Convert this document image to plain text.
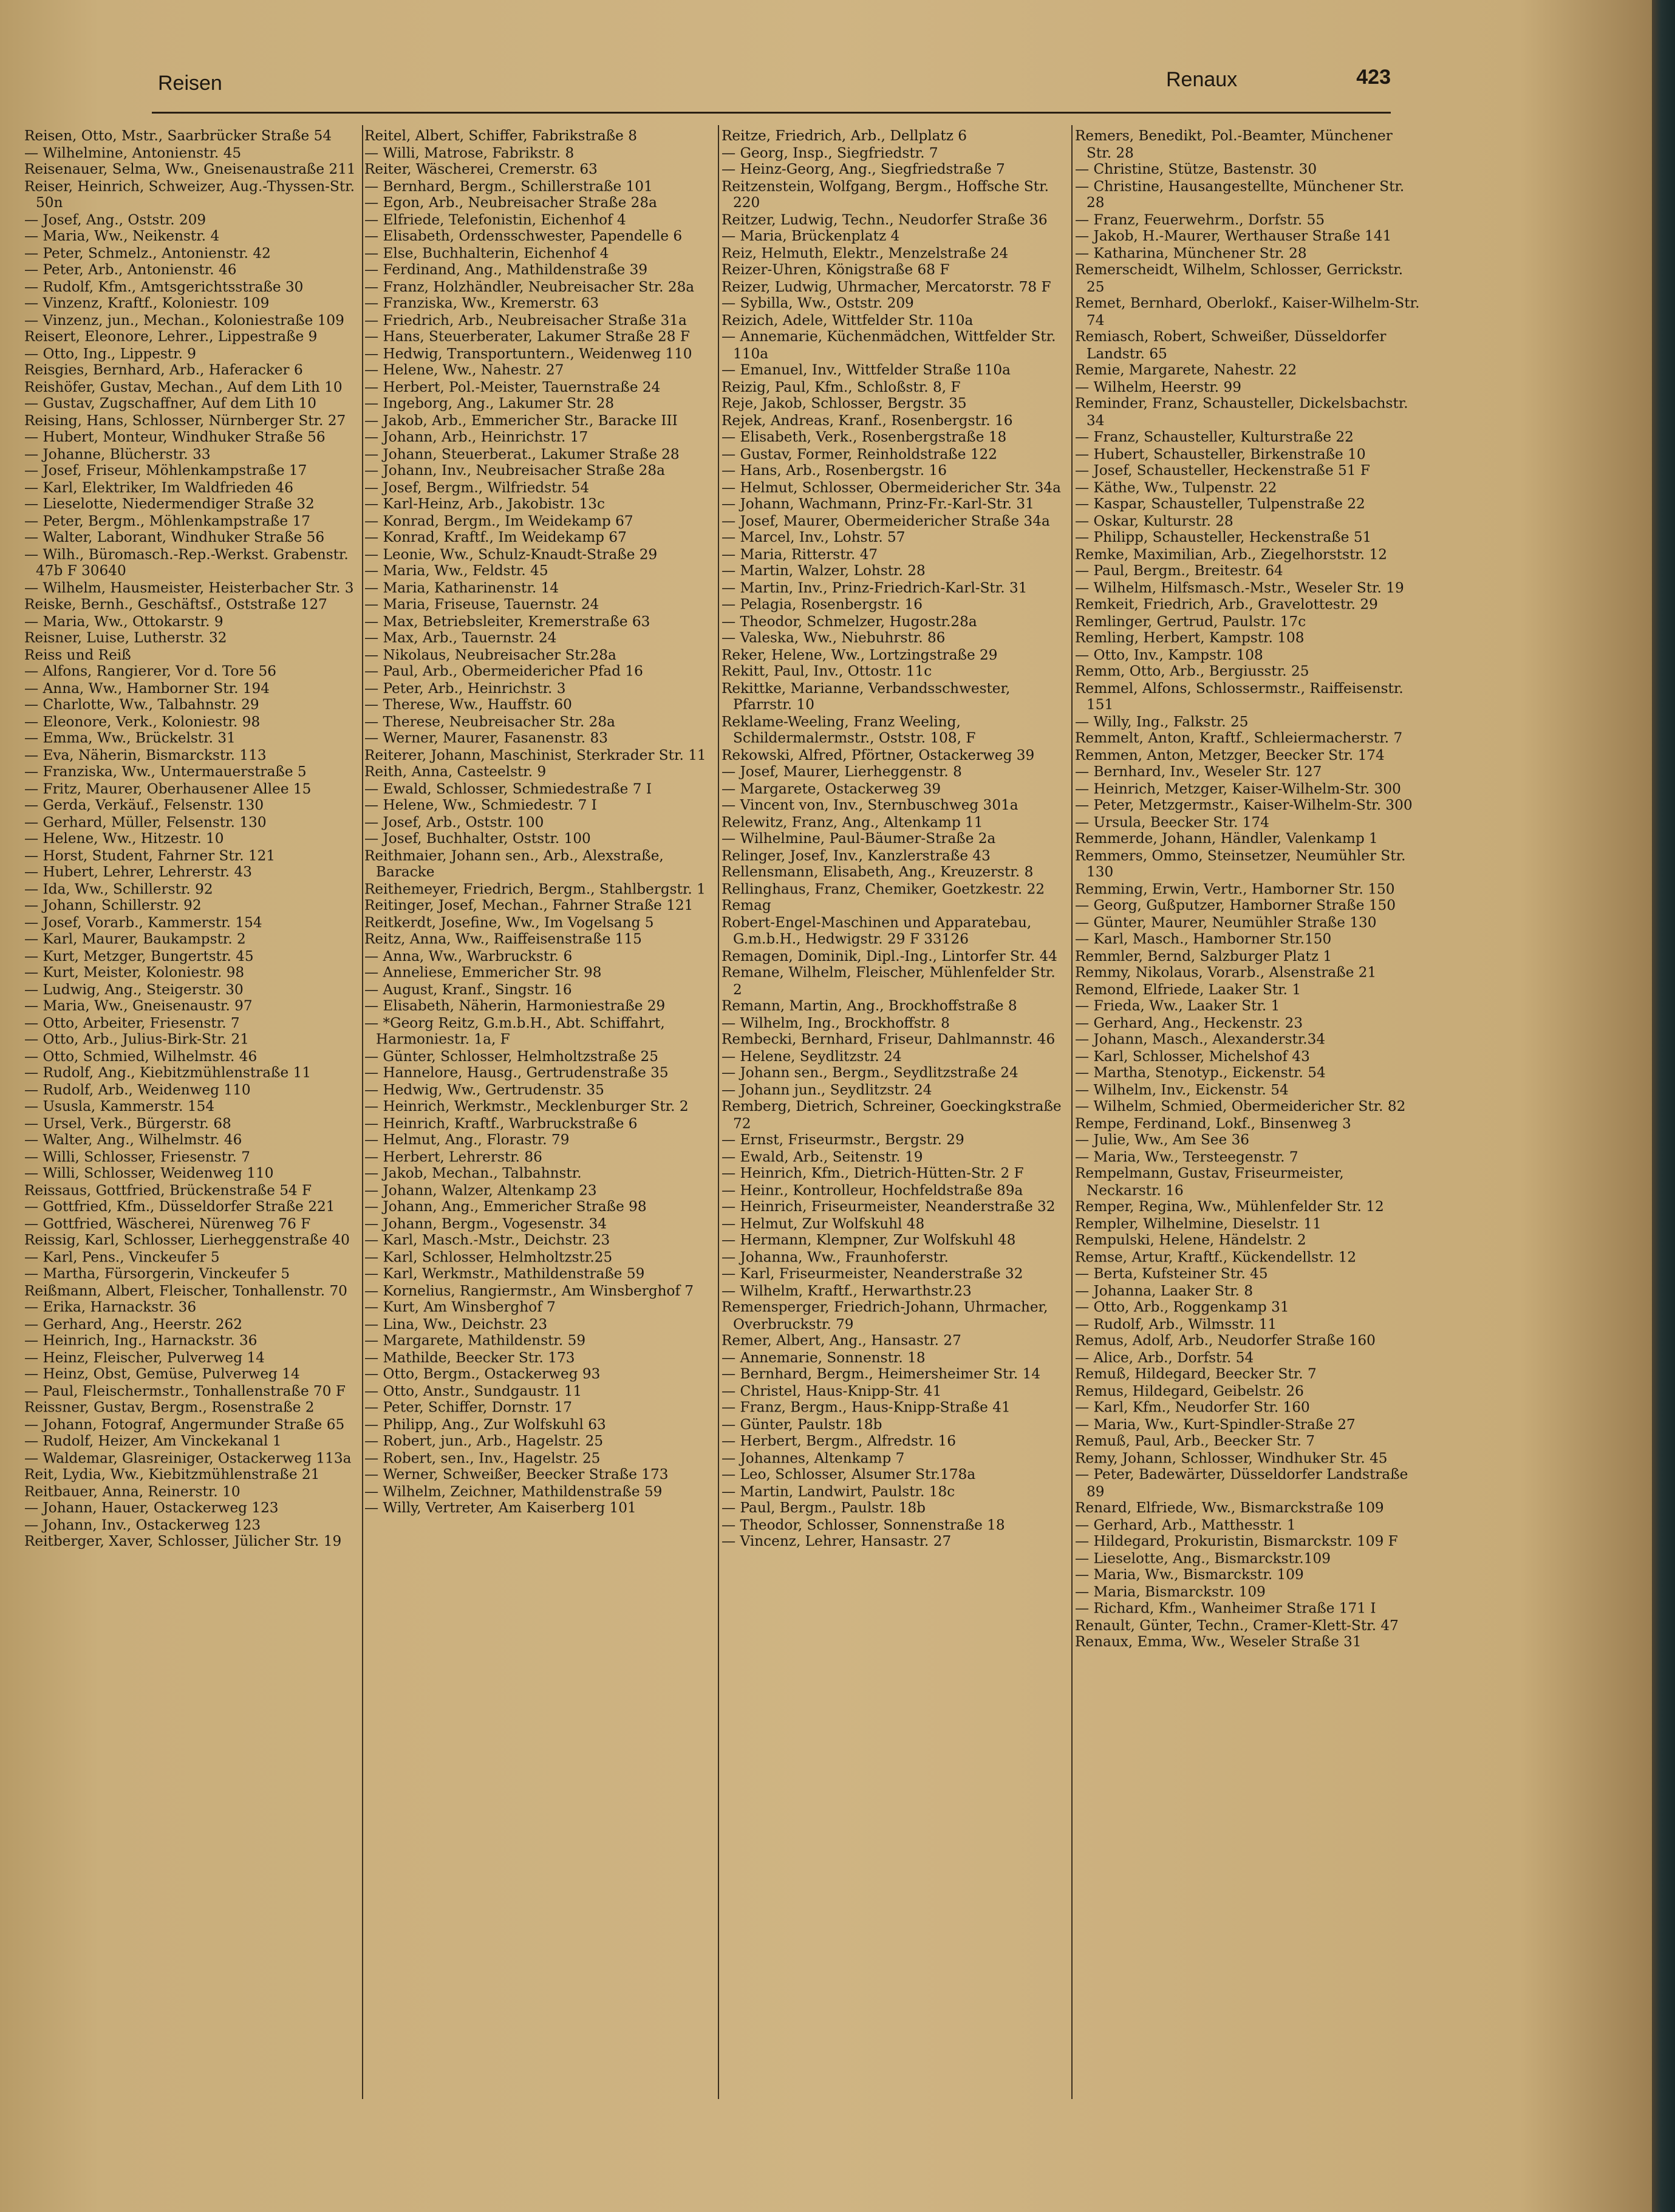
Reisen	Renaux	423

Reisen, Otto, Mstr., Saarbrücker Straße 54

— Wilhelmine, Antonienstr. 45

Reisenauer, Selma, Ww., Gneisenaustraße 211

Reiser, Heinrich, Schweizer, Aug.-Thyssen-Str. 50n

— Josef, Ang., Oststr. 209

— Maria, Ww., Neikenstr. 4

— Peter, Schmelz., Antonienstr. 42

— Peter, Arb., Antonienstr. 46

— Rudolf, Kfm., Amtsgerichtsstraße 30

— Vinzenz, Kraftf., Koloniestr. 109

— Vinzenz, jun., Mechan., Koloniestraße 109

Reisert, Eleonore, Lehrer., Lippestraße 9

— Otto, Ing., Lippestr. 9

Reisgies, Bernhard, Arb., Haferacker 6

Reishöfer, Gustav, Mechan., Auf dem Lith 10

— Gustav, Zugschaffner, Auf dem Lith 10

Reising, Hans, Schlosser, Nürnberger Str. 27

— Hubert, Monteur, Windhuker Straße 56

— Johanne, Blücherstr. 33

— Josef, Friseur, Möhlenkampstraße 17

— Karl, Elektriker, Im Waldfrieden 46

— Lieselotte, Niedermendiger Straße 32

— Peter, Bergm., Möhlenkampstraße 17

— Walter, Laborant, Windhuker Straße 56

— Wilh., Büromasch.-Rep.-Werkst. Grabenstr. 47b F 30640

— Wilhelm, Hausmeister, Heisterbacher Str. 3

Reiske, Bernh., Geschäftsf., Oststraße 127

— Maria, Ww., Ottokarstr. 9

Reisner, Luise, Lutherstr. 32

Reiss und Reiß

— Alfons, Rangierer, Vor d. Tore 56

— Anna, Ww., Hamborner Str. 194

— Charlotte, Ww., Talbahnstr. 29

— Eleonore, Verk., Koloniestr. 98

— Emma, Ww., Brückelstr. 31

— Eva, Näherin, Bismarckstr. 113

— Franziska, Ww., Untermauerstraße 5

— Fritz, Maurer, Oberhausener Allee 15

— Gerda, Verkäuf., Felsenstr. 130

— Gerhard, Müller, Felsenstr. 130

— Helene, Ww., Hitzestr. 10

— Horst, Student, Fahrner Str. 121

— Hubert, Lehrer, Lehrerstr. 43

— Ida, Ww., Schillerstr. 92

— Johann, Schillerstr. 92

— Josef, Vorarb., Kammerstr. 154

— Karl, Maurer, Baukampstr. 2

— Kurt, Metzger, Bungertstr. 45

— Kurt, Meister, Koloniestr. 98

— Ludwig, Ang., Steigerstr. 30

— Maria, Ww., Gneisenaustr. 97

— Otto, Arbeiter, Friesenstr. 7

— Otto, Arb., Julius-Birk-Str. 21

— Otto, Schmied, Wilhelmstr. 46

— Rudolf, Ang., Kiebitzmühlenstraße 11

— Rudolf, Arb., Weidenweg 110

— Ususla, Kammerstr. 154

— Ursel, Verk., Bürgerstr. 68

— Walter, Ang., Wilhelmstr. 46

— Willi, Schlosser, Friesenstr. 7

— Willi, Schlosser, Weidenweg 110

Reissaus, Gottfried, Brückenstraße 54 F

— Gottfried, Kfm., Düsseldorfer Straße 221

— Gottfried, Wäscherei, Nürenweg 76 F

Reissig, Karl, Schlosser, Lierheggenstraße 40

— Karl, Pens., Vinckeufer 5

— Martha, Fürsorgerin, Vinckeufer 5

Reißmann, Albert, Fleischer, Tonhallenstr. 70

— Erika, Harnackstr. 36

— Gerhard, Ang., Heerstr. 262

— Heinrich, Ing., Harnackstr. 36

— Heinz, Fleischer, Pulverweg 14

— Heinz, Obst, Gemüse, Pulverweg 14

— Paul, Fleischermstr., Tonhallenstraße 70 F

Reissner, Gustav, Bergm., Rosenstraße 2

— Johann, Fotograf, Angermunder Straße 65

— Rudolf, Heizer, Am Vinckekanal 1

— Waldemar, Glasreiniger, Ostackerweg 113a

Reit, Lydia, Ww., Kiebitzmühlenstraße 21

Reitbauer, Anna, Reinerstr. 10

— Johann, Hauer, Ostackerweg 123

— Johann, Inv., Ostackerweg 123

Reitberger, Xaver, Schlosser, Jülicher Str. 19

Reitel, Albert, Schiffer, Fabrikstraße 8

— Willi, Matrose, Fabrikstr. 8

Reiter, Wäscherei, Cremerstr. 63

— Bernhard, Bergm., Schillerstraße 101

— Egon, Arb., Neubreisacher Straße 28a

— Elfriede, Telefonistin, Eichenhof 4

— Elisabeth, Ordensschwester, Papendelle 6

— Else, Buchhalterin, Eichenhof 4

— Ferdinand, Ang., Mathildenstraße 39

— Franz, Holzhändler, Neubreisacher Str. 28a

— Franziska, Ww., Kremerstr. 63

— Friedrich, Arb., Neubreisacher Straße 31a

— Hans, Steuerberater, Lakumer Straße 28 F

— Hedwig, Transportuntern., Weidenweg 110

— Helene, Ww., Nahestr. 27

— Herbert, Pol.-Meister, Tauernstraße 24

— Ingeborg, Ang., Lakumer Str. 28

— Jakob, Arb., Emmericher Str., Baracke III

— Johann, Arb., Heinrichstr. 17

— Johann, Steuerberat., Lakumer Straße 28

— Johann, Inv., Neubreisacher Straße 28a

— Josef, Bergm., Wilfriedstr. 54

— Karl-Heinz, Arb., Jakobistr. 13c

— Konrad, Bergm., Im Weidekamp 67

— Konrad, Kraftf., Im Weidekamp 67

— Leonie, Ww., Schulz-Knaudt-Straße 29

— Maria, Ww., Feldstr. 45

— Maria, Katharinenstr. 14

— Maria, Friseuse, Tauernstr. 24

— Max, Betriebsleiter, Kremerstraße 63

— Max, Arb., Tauernstr. 24

— Nikolaus, Neubreisacher Str.28a

— Paul, Arb., Obermeidericher Pfad 16

— Peter, Arb., Heinrichstr. 3

— Therese, Ww., Hauffstr. 60

— Therese, Neubreisacher Str. 28a

— Werner, Maurer, Fasanenstr. 83

Reiterer, Johann, Maschinist, Sterkrader Str. 11

Reith, Anna, Casteelstr. 9

— Ewald, Schlosser, Schmiedestraße 7 I

— Helene, Ww., Schmiedestr. 7 I

— Josef, Arb., Oststr. 100

— Josef, Buchhalter, Oststr. 100

Reithmaier, Johann sen., Arb., Alexstraße, Baracke

Reithemeyer, Friedrich, Bergm., Stahlbergstr. 1

Reitinger, Josef, Mechan., Fahrner Straße 121

Reitkerdt, Josefine, Ww., Im Vogelsang 5

Reitz, Anna, Ww., Raiffeisenstraße 115

— Anna, Ww., Warbruckstr. 6

— Anneliese, Emmericher Str. 98

— August, Kranf., Singstr. 16

— Elisabeth, Näherin, Harmoniestraße 29

— *Georg Reitz, G.m.b.H., Abt. Schiffahrt, Harmoniestr. 1a, F

— Günter, Schlosser, Helmholtzstraße 25

— Hannelore, Hausg., Gertrudenstraße 35

— Hedwig, Ww., Gertrudenstr. 35

— Heinrich, Werkmstr., Mecklenburger Str. 2

— Heinrich, Kraftf., Warbruckstraße 6

— Helmut, Ang., Florastr. 79

— Herbert, Lehrerstr. 86

— Jakob, Mechan., Talbahnstr.

— Johann, Walzer, Altenkamp 23

— Johann, Ang., Emmericher Straße 98

— Johann, Bergm., Vogesenstr. 34

— Karl, Masch.-Mstr., Deichstr. 23

— Karl, Schlosser, Helmholtzstr.25

— Karl, Werkmstr., Mathildenstraße 59

— Kornelius, Rangiermstr., Am Winsberghof 7

— Kurt, Am Winsberghof 7

— Lina, Ww., Deichstr. 23

— Margarete, Mathildenstr. 59

— Mathilde, Beecker Str. 173

— Otto, Bergm., Ostackerweg 93

— Otto, Anstr., Sundgaustr. 11

— Peter, Schiffer, Dornstr. 17

— Philipp, Ang., Zur Wolfskuhl 63

— Robert, jun., Arb., Hagelstr. 25

— Robert, sen., Inv., Hagelstr. 25

— Werner, Schweißer, Beecker Straße 173

— Wilhelm, Zeichner, Mathildenstraße 59

— Willy, Vertreter, Am Kaiserberg 101

Reitze, Friedrich, Arb., Dellplatz 6

— Georg, Insp., Siegfriedstr. 7

— Heinz-Georg, Ang., Siegfriedstraße 7

Reitzenstein, Wolfgang, Bergm., Hoffsche Str. 220

Reitzer, Ludwig, Techn., Neudorfer Straße 36

— Maria, Brückenplatz 4

Reiz, Helmuth, Elektr., Menzelstraße 24

Reizer-Uhren, Königstraße 68 F

Reizer, Ludwig, Uhrmacher, Mercatorstr. 78 F

— Sybilla, Ww., Oststr. 209

Reizich, Adele, Wittfelder Str. 110a

— Annemarie, Küchenmädchen, Wittfelder Str. 110a

— Emanuel, Inv., Wittfelder Straße 110a

Reizig, Paul, Kfm., Schloßstr. 8, F

Reje, Jakob, Schlosser, Bergstr. 35

Rejek, Andreas, Kranf., Rosenbergstr. 16

— Elisabeth, Verk., Rosenbergstraße 18

— Gustav, Former, Reinholdstraße 122

— Hans, Arb., Rosenbergstr. 16

— Helmut, Schlosser, Obermeidericher Str. 34a

— Johann, Wachmann, Prinz-Fr.-Karl-Str. 31

— Josef, Maurer, Obermeidericher Straße 34a

— Marcel, Inv., Lohstr. 57

— Maria, Ritterstr. 47

— Martin, Walzer, Lohstr. 28

— Martin, Inv., Prinz-Friedrich-Karl-Str. 31

— Pelagia, Rosenbergstr. 16

— Theodor, Schmelzer, Hugostr.28a

— Valeska, Ww., Niebuhrstr. 86

Reker, Helene, Ww., Lortzingstraße 29

Rekitt, Paul, Inv., Ottostr. 11c

Rekittke, Marianne, Verbandsschwester, Pfarrstr. 10

Reklame-Weeling, Franz Weeling, Schildermalermstr., Oststr. 108, F

Rekowski, Alfred, Pförtner, Ostackerweg 39

— Josef, Maurer, Lierheggenstr. 8

— Margarete, Ostackerweg 39

— Vincent von, Inv., Sternbuschweg 301a

Relewitz, Franz, Ang., Altenkamp 11

— Wilhelmine, Paul-Bäumer-Straße 2a

Relinger, Josef, Inv., Kanzlerstraße 43

Rellensmann, Elisabeth, Ang., Kreuzerstr. 8

Rellinghaus, Franz, Chemiker, Goetzkestr. 22

Remag

Robert-Engel-Maschinen und Apparatebau, G.m.b.H., Hedwigstr. 29 F 33126

Remagen, Dominik, Dipl.-Ing., Lintorfer Str. 44

Remane, Wilhelm, Fleischer, Mühlenfelder Str. 2

Remann, Martin, Ang., Brockhoffstraße 8

— Wilhelm, Ing., Brockhoffstr. 8

Rembecki, Bernhard, Friseur, Dahlmannstr. 46

— Helene, Seydlitzstr. 24

— Johann sen., Bergm., Seydlitzstraße 24

— Johann jun., Seydlitzstr. 24

Remberg, Dietrich, Schreiner, Goeckingkstraße 72

— Ernst, Friseurmstr., Bergstr. 29

— Ewald, Arb., Seitenstr. 19

— Heinrich, Kfm., Dietrich-Hütten-Str. 2 F

— Heinr., Kontrolleur, Hochfeldstraße 89a

— Heinrich, Friseurmeister, Neanderstraße 32

— Helmut, Zur Wolfskuhl 48

— Hermann, Klempner, Zur Wolfskuhl 48

— Johanna, Ww., Fraunhoferstr.

— Karl, Friseurmeister, Neanderstraße 32

— Wilhelm, Kraftf., Herwarthstr.23

Remensperger, Friedrich-Johann, Uhrmacher, Overbruckstr. 79

Remer, Albert, Ang., Hansastr. 27

— Annemarie, Sonnenstr. 18

— Bernhard, Bergm., Heimersheimer Str. 14

— Christel, Haus-Knipp-Str. 41

— Franz, Bergm., Haus-Knipp-Straße 41

— Günter, Paulstr. 18b

— Herbert, Bergm., Alfredstr. 16

— Johannes, Altenkamp 7

— Leo, Schlosser, Alsumer Str.178a

— Martin, Landwirt, Paulstr. 18c

— Paul, Bergm., Paulstr. 18b

— Theodor, Schlosser, Sonnenstraße 18

— Vincenz, Lehrer, Hansastr. 27

Remers, Benedikt, Pol.-Beamter, Münchener Str. 28

— Christine, Stütze, Bastenstr. 30

— Christine, Hausangestellte, Münchener Str. 28

— Franz, Feuerwehrm., Dorfstr. 55

— Jakob, H.-Maurer, Werthauser Straße 141

— Katharina, Münchener Str. 28

Remerscheidt, Wilhelm, Schlosser, Gerrickstr. 25

Remet, Bernhard, Oberlokf., Kaiser-Wilhelm-Str. 74

Remiasch, Robert, Schweißer, Düsseldorfer Landstr. 65

Remie, Margarete, Nahestr. 22

— Wilhelm, Heerstr. 99

Reminder, Franz, Schausteller, Dickelsbachstr. 34

— Franz, Schausteller, Kulturstraße 22

— Hubert, Schausteller, Birkenstraße 10

— Josef, Schausteller, Heckenstraße 51 F

— Käthe, Ww., Tulpenstr. 22

— Kaspar, Schausteller, Tulpenstraße 22

— Oskar, Kulturstr. 28

— Philipp, Schausteller, Heckenstraße 51

Remke, Maximilian, Arb., Ziegelhorststr. 12

— Paul, Bergm., Breitestr. 64

— Wilhelm, Hilfsmasch.-Mstr., Weseler Str. 19

Remkeit, Friedrich, Arb., Gravelottestr. 29

Remlinger, Gertrud, Paulstr. 17c

Remling, Herbert, Kampstr. 108

— Otto, Inv., Kampstr. 108

Remm, Otto, Arb., Bergiusstr. 25

Remmel, Alfons, Schlossermstr., Raiffeisenstr. 151

— Willy, Ing., Falkstr. 25

Remmelt, Anton, Kraftf., Schleiermacherstr. 7

Remmen, Anton, Metzger, Beecker Str. 174

— Bernhard, Inv., Weseler Str. 127

— Heinrich, Metzger, Kaiser-Wilhelm-Str. 300

— Peter, Metzgermstr., Kaiser-Wilhelm-Str. 300

— Ursula, Beecker Str. 174

Remmerde, Johann, Händler, Valenkamp 1

Remmers, Ommo, Steinsetzer, Neumühler Str. 130

Remming, Erwin, Vertr., Hamborner Str. 150

— Georg, Gußputzer, Hamborner Straße 150

— Günter, Maurer, Neumühler Straße 130

— Karl, Masch., Hamborner Str.150

Remmler, Bernd, Salzburger Platz 1

Remmy, Nikolaus, Vorarb., Alsenstraße 21

Remond, Elfriede, Laaker Str. 1

— Frieda, Ww., Laaker Str. 1

— Gerhard, Ang., Heckenstr. 23

— Johann, Masch., Alexanderstr.34

— Karl, Schlosser, Michelshof 43

— Martha, Stenotyp., Eickenstr. 54

— Wilhelm, Inv., Eickenstr. 54

— Wilhelm, Schmied, Obermeidericher Str. 82

Rempe, Ferdinand, Lokf., Binsenweg 3

— Julie, Ww., Am See 36

— Maria, Ww., Tersteegenstr. 7

Rempelmann, Gustav, Friseurmeister, Neckarstr. 16

Remper, Regina, Ww., Mühlenfelder Str. 12

Rempler, Wilhelmine, Dieselstr. 11

Rempulski, Helene, Händelstr. 2

Remse, Artur, Kraftf., Kückendellstr. 12

— Berta, Kufsteiner Str. 45

— Johanna, Laaker Str. 8

— Otto, Arb., Roggenkamp 31

— Rudolf, Arb., Wilmsstr. 11

Remus, Adolf, Arb., Neudorfer Straße 160

— Alice, Arb., Dorfstr. 54

Remuß, Hildegard, Beecker Str. 7

Remus, Hildegard, Geibelstr. 26

— Karl, Kfm., Neudorfer Str. 160

— Maria, Ww., Kurt-Spindler-Straße 27

Remuß, Paul, Arb., Beecker Str. 7

Remy, Johann, Schlosser, Windhuker Str. 45

— Peter, Badewärter, Düsseldorfer Landstraße 89

Renard, Elfriede, Ww., Bismarckstraße 109

— Gerhard, Arb., Matthesstr. 1

— Hildegard, Prokuristin, Bismarckstr. 109 F

— Lieselotte, Ang., Bismarckstr.109

— Maria, Ww., Bismarckstr. 109

— Maria, Bismarckstr. 109

— Richard, Kfm., Wanheimer Straße 171 I

Renault, Günter, Techn., Cramer-Klett-Str. 47

Renaux, Emma, Ww., Weseler Straße 31
